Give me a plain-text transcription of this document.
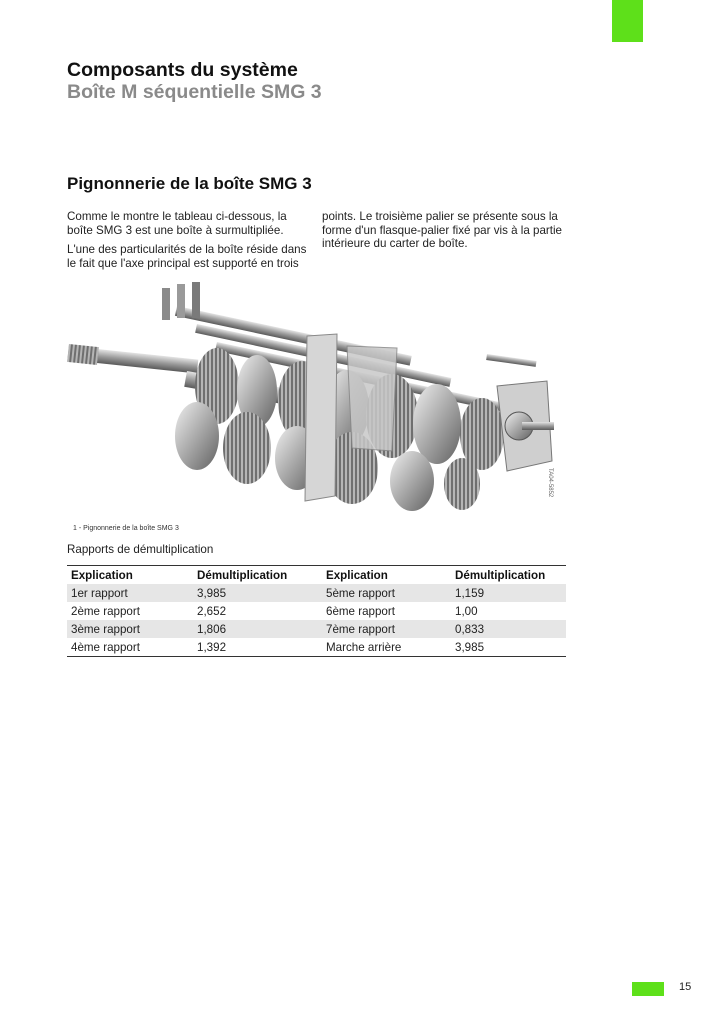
Composants du système
Boîte M séquentielle SMG 3
Pignonnerie de la boîte SMG 3

Comme le montre le tableau ci-dessous, la boîte SMG 3 est une boîte à surmultipliée.

L'une des particularités de la boîte réside dans le fait que l'axe principal est supporté en trois

points. Le troisième palier se présente sous la forme d'un flasque-palier fixé par vis à la partie intérieure du carter de boîte.

TA04-5852
1 - Pignonnerie de la boîte SMG 3
Rapports de démultiplication
Explication	Démultiplication	Explication	Démultiplication
1er rapport	3,985	5ème rapport	1,159
2ème rapport	2,652	6ème rapport	1,00
3ème rapport	1,806	7ème rapport	0,833
4ème rapport	1,392	Marche arrière	3,985
15
